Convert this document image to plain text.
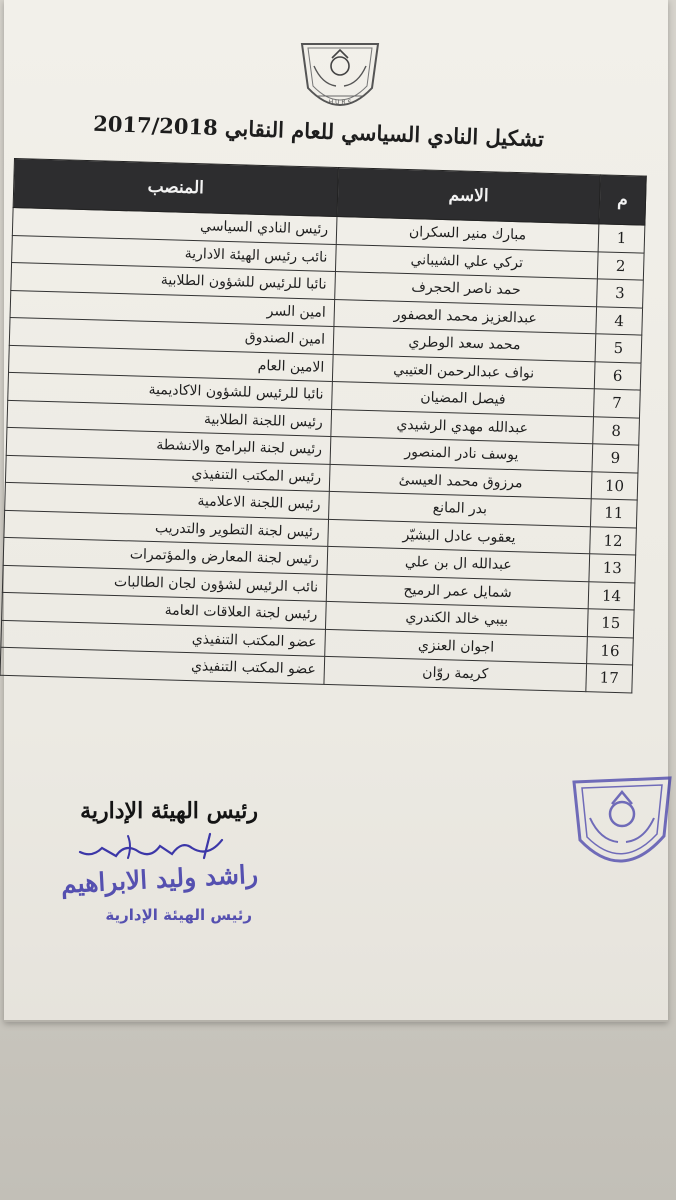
H U R S
تشكيل النادي السياسي للعام النقابي 2017/2018
م	الاسم	المنصب
1	مبارك منير السكران	رئيس النادي السياسي
2	تركي علي الشيباني	نائب رئيس الهيئة الادارية
3	حمد ناصر الحجرف	نائبا للرئيس للشؤون الطلابية
4	عبدالعزيز محمد العصفور	امين السر
5	محمد سعد الوطري	امين الصندوق
6	نواف عبدالرحمن العتيبي	الامين العام
7	فيصل المضيان	نائبا للرئيس للشؤون الاكاديمية
8	عبدالله مهدي الرشيدي	رئيس اللجنة الطلابية
9	يوسف نادر المنصور	رئيس لجنة البرامج والانشطة
10	مرزوق محمد العيسئ	رئيس المكتب التنفيذي
11	بدر المانع	رئيس اللجنة الاعلامية
12	يعقوب عادل البشيّر	رئيس لجنة التطوير والتدريب
13	عبدالله ال بن علي	رئيس لجنة المعارض والمؤتمرات
14	شمايل عمر الرميح	نائب الرئيس لشؤون لجان الطالبات
15	بيبي خالد الكندري	رئيس لجنة العلاقات العامة
16	اجوان العنزي	عضو المكتب التنفيذي
17	كريمة روّان	عضو المكتب التنفيذي
رئيس الهيئة الإدارية
راشد وليد الابراهيم
رئيس الهيئة الإدارية
